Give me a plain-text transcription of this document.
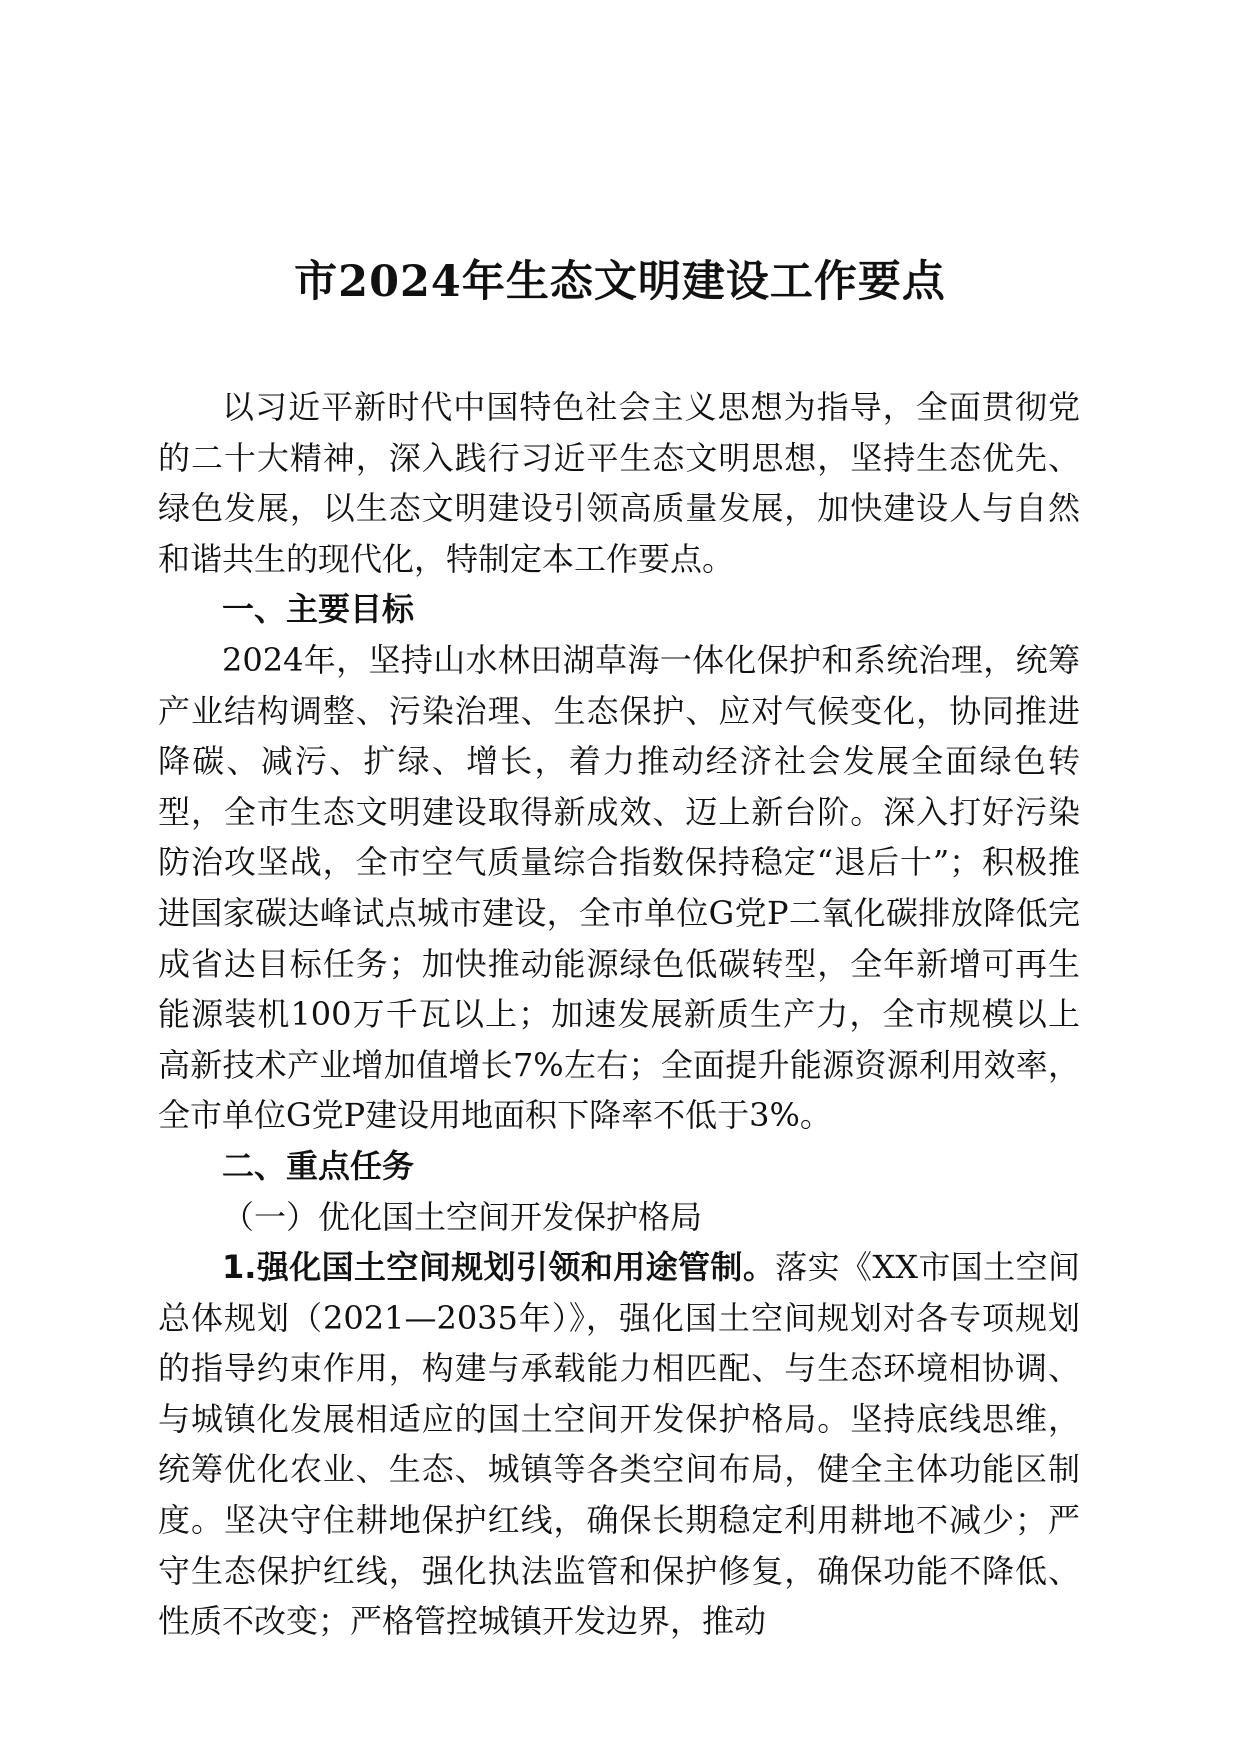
市2024年生态文明建设工作要点

以习近平新时代中国特色社会主义思想为指导，全面贯彻党的二十大精神，深入践行习近平生态文明思想，坚持生态优先、绿色发展，以生态文明建设引领高质量发展，加快建设人与自然和谐共生的现代化，特制定本工作要点。

一、主要目标

2024年，坚持山水林田湖草海一体化保护和系统治理，统筹产业结构调整、污染治理、生态保护、应对气候变化，协同推进降碳、减污、扩绿、增长，着力推动经济社会发展全面绿色转型，全市生态文明建设取得新成效、迈上新台阶。深入打好污染防治攻坚战，全市空气质量综合指数保持稳定“退后十”；积极推进国家碳达峰试点城市建设，全市单位G党P二氧化碳排放降低完成省达目标任务；加快推动能源绿色低碳转型，全年新增可再生能源装机100万千瓦以上；加速发展新质生产力，全市规模以上高新技术产业增加值增长7%左右；全面提升能源资源利用效率，全市单位G党P建设用地面积下降率不低于3%。

二、重点任务
（一）优化国土空间开发保护格局

1.强化国土空间规划引领和用途管制。落实《XX市国土空间总体规划（2021—2035年）》，强化国土空间规划对各专项规划的指导约束作用，构建与承载能力相匹配、与生态环境相协调、与城镇化发展相适应的国土空间开发保护格局。坚持底线思维，统筹优化农业、生态、城镇等各类空间布局，健全主体功能区制度。坚决守住耕地保护红线，确保长期稳定利用耕地不减少；严守生态保护红线，强化执法监管和保护修复，确保功能不降低、性质不改变；严格管控城镇开发边界，推动
